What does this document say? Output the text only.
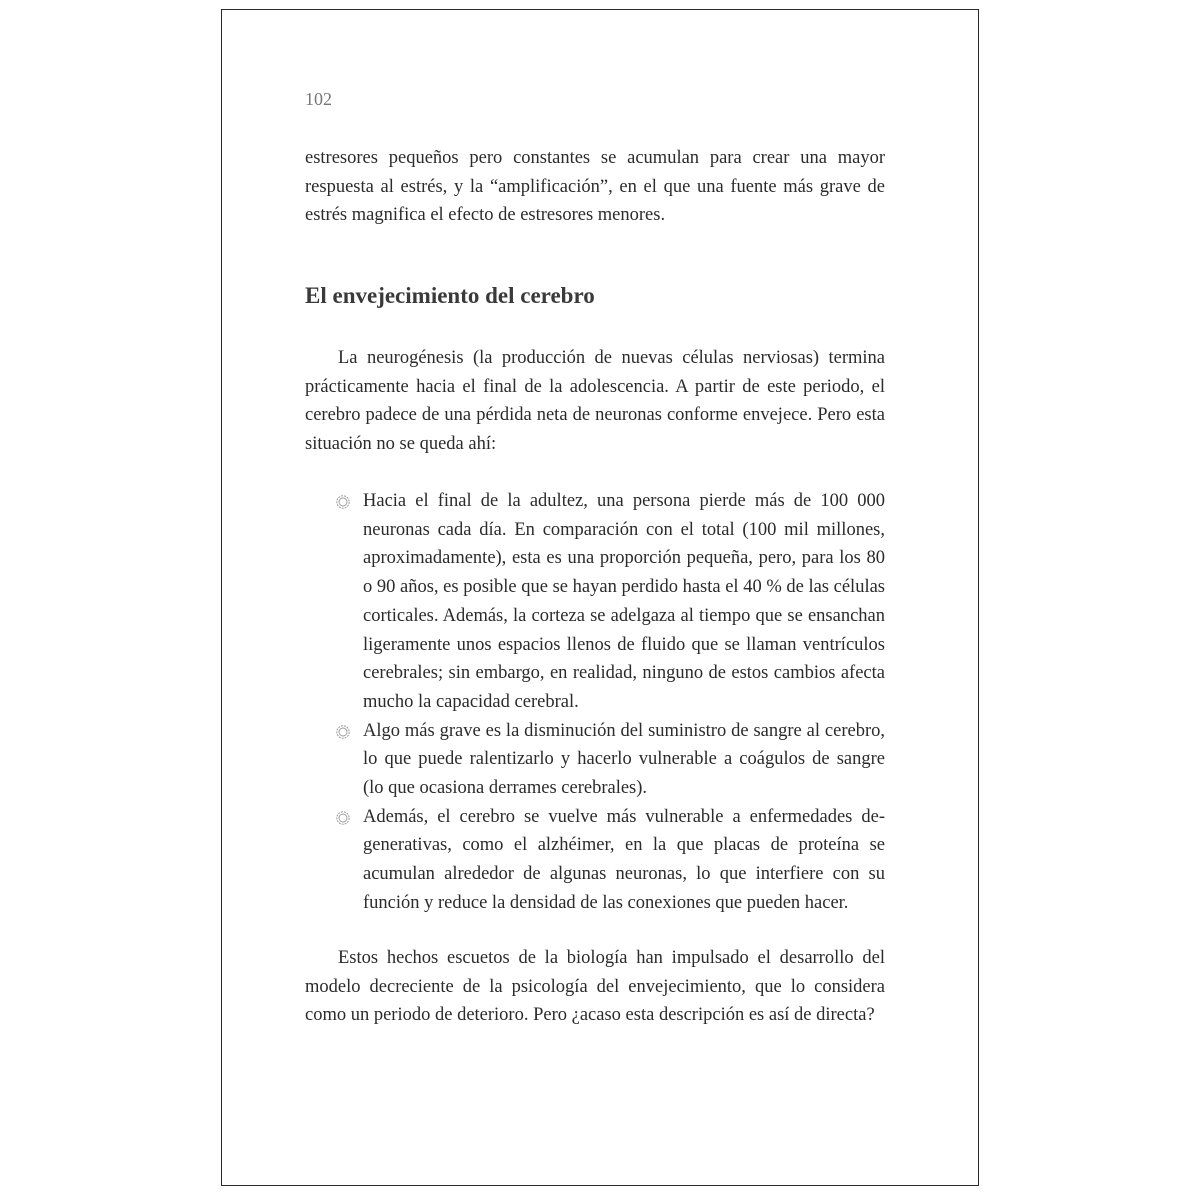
102

estresores pequeños pero constantes se acumulan para crear una mayor respuesta al estrés, y la “amplificación”, en el que una fuente más grave de estrés magnifica el efecto de estresores menores.

El envejecimiento del cerebro

La neurogénesis (la producción de nuevas células nerviosas) termina prácticamente hacia el final de la adolescencia. A partir de este periodo, el cerebro padece de una pérdida neta de neuronas conforme envejece. Pero esta situación no se queda ahí:

Hacia el final de la adultez, una persona pierde más de 100 000 neuronas cada día. En comparación con el total (100 mil millones, aproximadamente), esta es una proporción pequeña, pero, para los 80 o 90 años, es posible que se hayan perdido hasta el 40 % de las células corticales. Además, la corteza se adelgaza al tiempo que se ensanchan ligeramente unos espacios llenos de fluido que se llaman ventrículos cerebrales; sin embargo, en realidad, ninguno de estos cambios afecta mucho la capacidad cerebral.
Algo más grave es la disminución del suministro de sangre al cerebro, lo que puede ralentizarlo y hacerlo vulnerable a coágulos de sangre (lo que ocasiona derrames cerebrales).
Además, el cerebro se vuelve más vulnerable a enfermedades degenerativas, como el alzhéimer, en la que placas de proteína se acumulan alrededor de algunas neuronas, lo que interfiere con su función y reduce la densidad de las conexiones que pueden hacer.

Estos hechos escuetos de la biología han impulsado el desarrollo del modelo decreciente de la psicología del envejecimiento, que lo considera como un periodo de deterioro. Pero ¿acaso esta descripción es así de directa?
